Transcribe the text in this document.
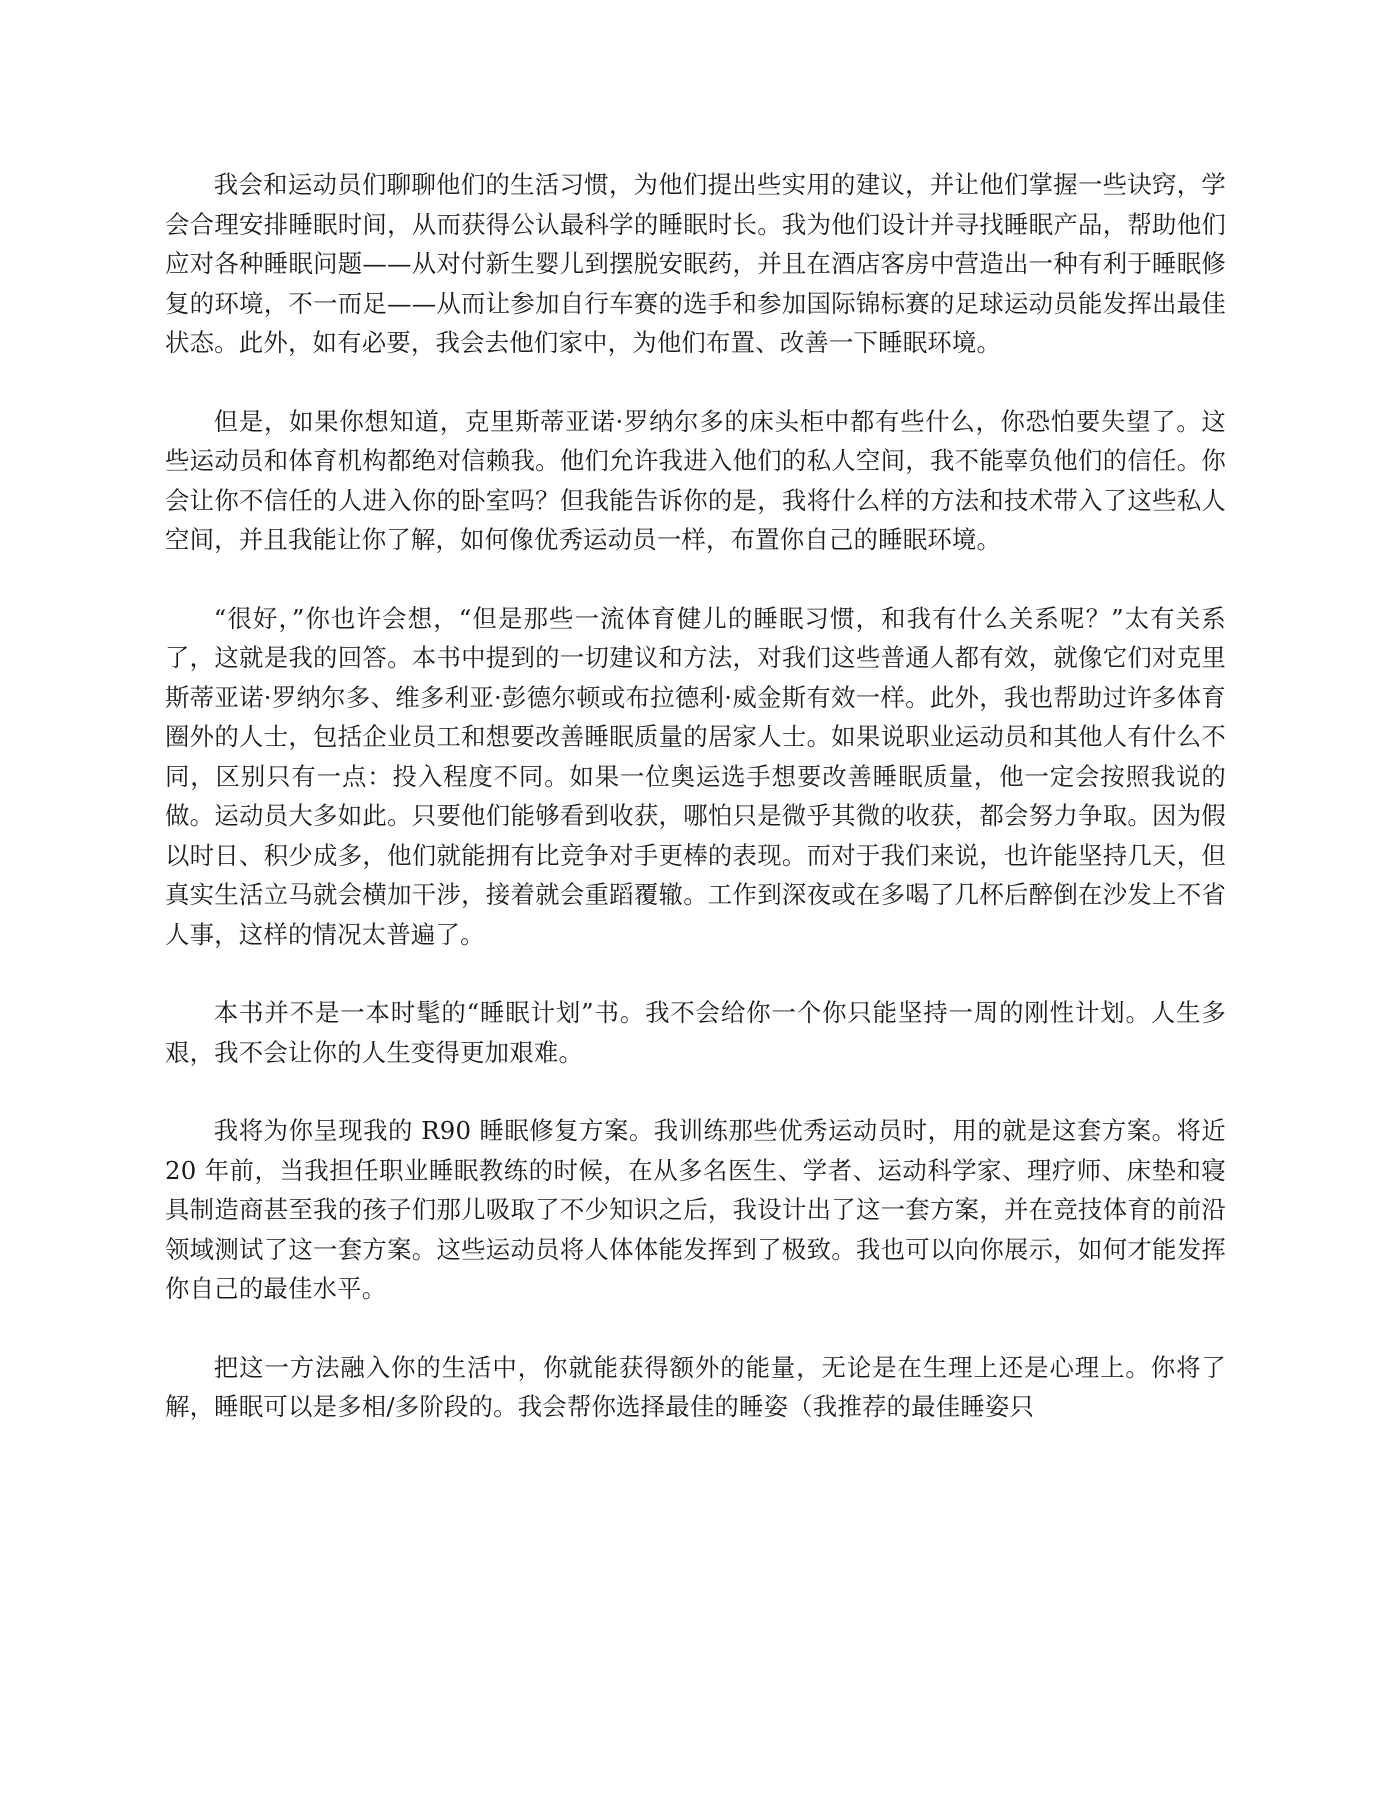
我会和运动员们聊聊他们的生活习惯，为他们提出些实用的建议，并让他们掌握一些诀窍，学会合理安排睡眠时间，从而获得公认最科学的睡眠时长。我为他们设计并寻找睡眠产品，帮助他们应对各种睡眠问题——从对付新生婴儿到摆脱安眠药，并且在酒店客房中营造出一种有利于睡眠修复的环境，不一而足——从而让参加自行车赛的选手和参加国际锦标赛的足球运动员能发挥出最佳状态。此外，如有必要，我会去他们家中，为他们布置、改善一下睡眠环境。

但是，如果你想知道，克里斯蒂亚诺·罗纳尔多的床头柜中都有些什么，你恐怕要失望了。这些运动员和体育机构都绝对信赖我。他们允许我进入他们的私人空间，我不能辜负他们的信任。你会让你不信任的人进入你的卧室吗？但我能告诉你的是，我将什么样的方法和技术带入了这些私人空间，并且我能让你了解，如何像优秀运动员一样，布置你自己的睡眠环境。

“很好，”你也许会想，“但是那些一流体育健儿的睡眠习惯，和我有什么关系呢？”太有关系了，这就是我的回答。本书中提到的一切建议和方法，对我们这些普通人都有效，就像它们对克里斯蒂亚诺·罗纳尔多、维多利亚·彭德尔顿或布拉德利·威金斯有效一样。此外，我也帮助过许多体育圈外的人士，包括企业员工和想要改善睡眠质量的居家人士。如果说职业运动员和其他人有什么不同，区别只有一点：投入程度不同。如果一位奥运选手想要改善睡眠质量，他一定会按照我说的做。运动员大多如此。只要他们能够看到收获，哪怕只是微乎其微的收获，都会努力争取。因为假以时日、积少成多，他们就能拥有比竞争对手更棒的表现。而对于我们来说，也许能坚持几天，但真实生活立马就会横加干涉，接着就会重蹈覆辙。工作到深夜或在多喝了几杯后醉倒在沙发上不省人事，这样的情况太普遍了。

本书并不是一本时髦的“睡眠计划”书。我不会给你一个你只能坚持一周的刚性计划。人生多艰，我不会让你的人生变得更加艰难。

我将为你呈现我的 R90 睡眠修复方案。我训练那些优秀运动员时，用的就是这套方案。将近 20 年前，当我担任职业睡眠教练的时候，在从多名医生、学者、运动科学家、理疗师、床垫和寝具制造商甚至我的孩子们那儿吸取了不少知识之后，我设计出了这一套方案，并在竞技体育的前沿领域测试了这一套方案。这些运动员将人体体能发挥到了极致。我也可以向你展示，如何才能发挥你自己的最佳水平。

把这一方法融入你的生活中，你就能获得额外的能量，无论是在生理上还是心理上。你将了解，睡眠可以是多相/多阶段的。我会帮你选择最佳的睡姿（我推荐的最佳睡姿只
